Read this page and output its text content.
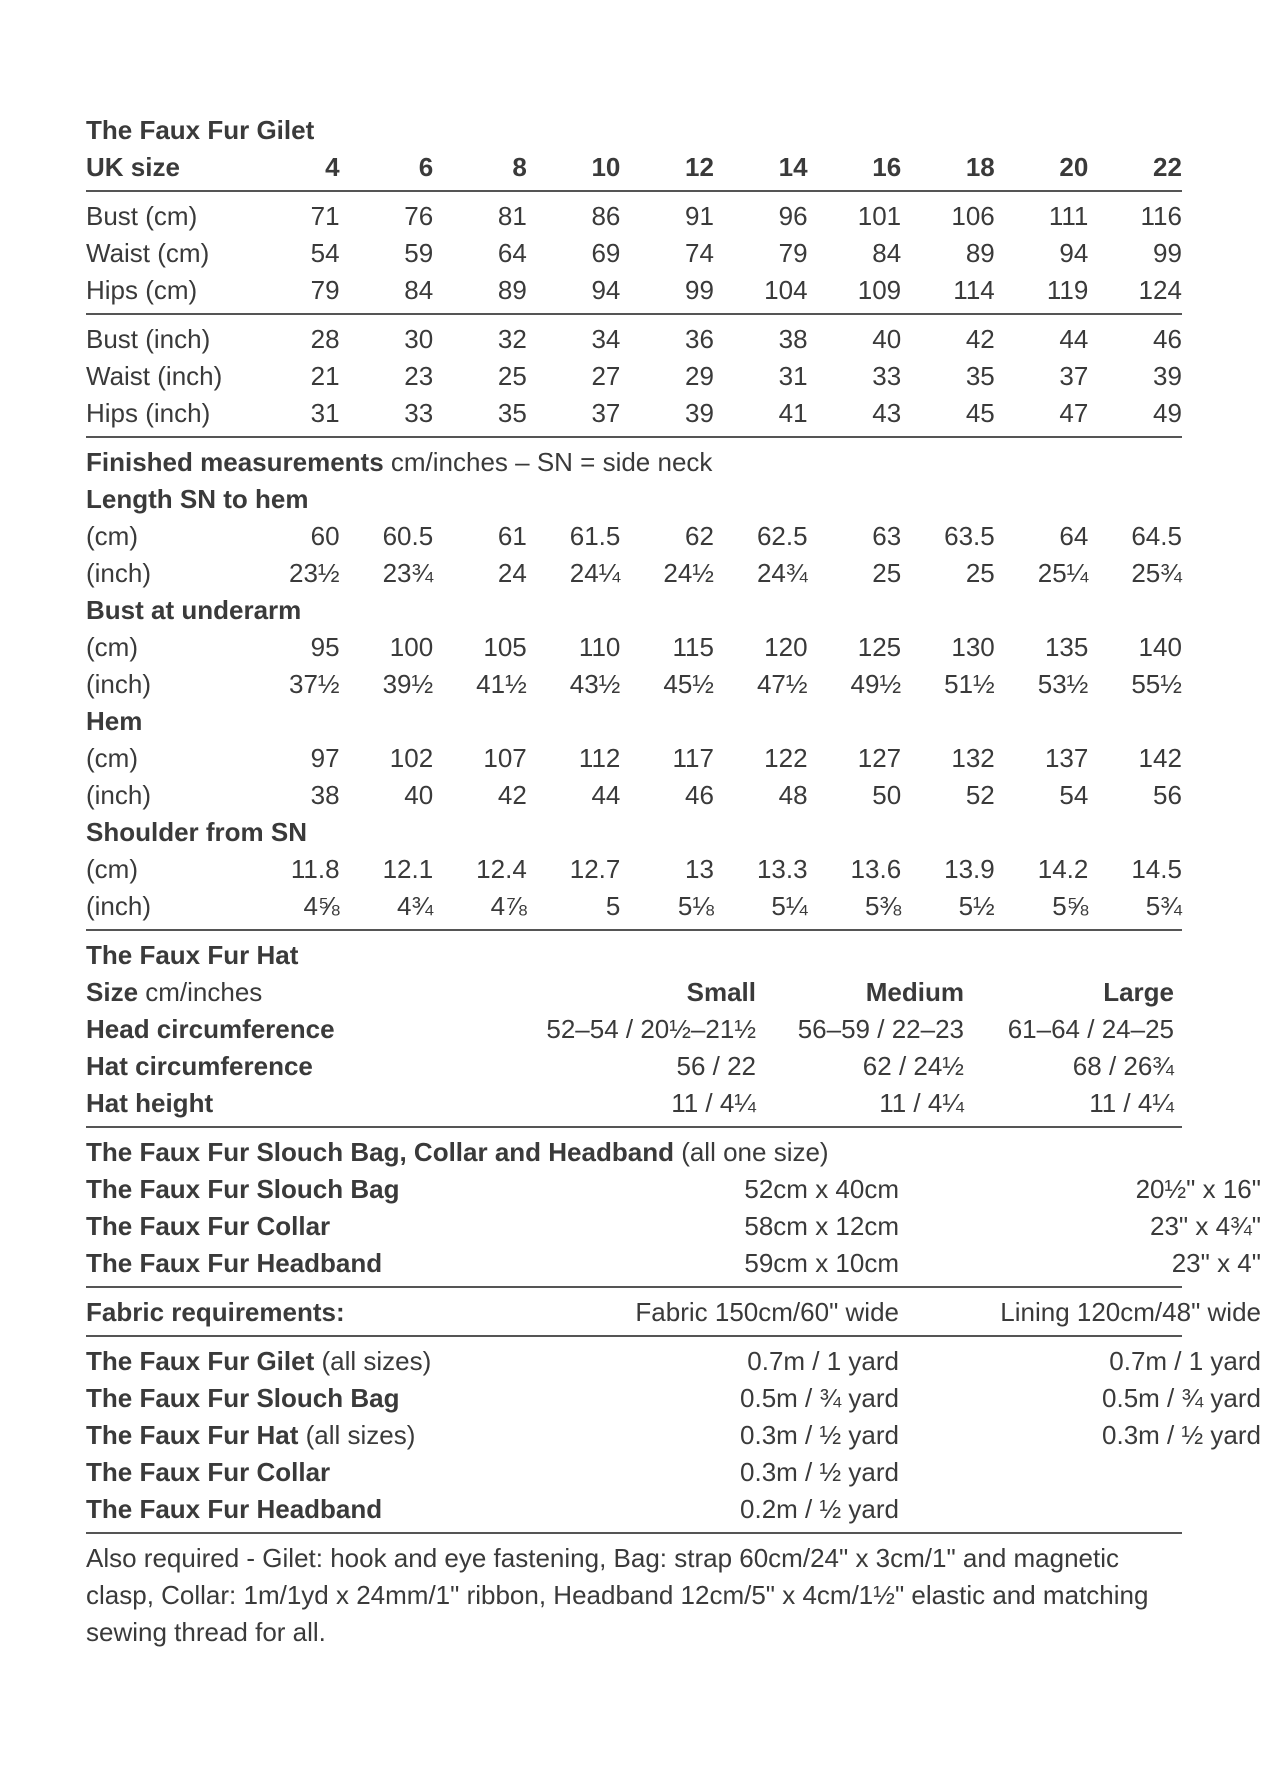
The Faux Fur Gilet
UK size	4	6	8	10	12	14	16	18	20	22
Bust (cm)	71	76	81	86	91	96	101	106	111	116
Waist (cm)	54	59	64	69	74	79	84	89	94	99
Hips (cm)	79	84	89	94	99	104	109	114	119	124
Bust (inch)	28	30	32	34	36	38	40	42	44	46
Waist (inch)	21	23	25	27	29	31	33	35	37	39
Hips (inch)	31	33	35	37	39	41	43	45	47	49
Finished measurements cm/inches – SN = side neck
Length SN to hem
(cm)	60	60.5	61	61.5	62	62.5	63	63.5	64	64.5
(inch)	23½	23¾	24	24¼	24½	24¾	25	25	25¼	25¾
Bust at underarm
(cm)	95	100	105	110	115	120	125	130	135	140
(inch)	37½	39½	41½	43½	45½	47½	49½	51½	53½	55½
Hem
(cm)	97	102	107	112	117	122	127	132	137	142
(inch)	38	40	42	44	46	48	50	52	54	56
Shoulder from SN
(cm)	11.8	12.1	12.4	12.7	13	13.3	13.6	13.9	14.2	14.5
(inch)	4⅝	4¾	4⅞	5	5⅛	5¼	5⅜	5½	5⅝	5¾
The Faux Fur Hat
Size cm/inches	Small	Medium	Large
Head circumference	52–54 / 20½–21½	56–59 / 22–23	61–64 / 24–25
Hat circumference	56 / 22	62 / 24½	68 / 26¾
Hat height	11 / 4¼	11 / 4¼	11 / 4¼
The Faux Fur Slouch Bag, Collar and Headband (all one size)
The Faux Fur Slouch Bag	52cm x 40cm	20½" x 16"
The Faux Fur Collar	58cm x 12cm	23" x 4¾"
The Faux Fur Headband	59cm x 10cm	23" x 4"
Fabric requirements:	Fabric 150cm/60" wide	Lining 120cm/48" wide
The Faux Fur Gilet (all sizes)	0.7m / 1 yard	0.7m / 1 yard
The Faux Fur Slouch Bag	0.5m / ¾ yard	0.5m / ¾ yard
The Faux Fur Hat (all sizes)	0.3m / ½ yard	0.3m / ½ yard
The Faux Fur Collar	0.3m / ½ yard
The Faux Fur Headband	0.2m / ½ yard
Also required - Gilet: hook and eye fastening, Bag: strap 60cm/24" x 3cm/1" and magnetic clasp, Collar: 1m/1yd x 24mm/1" ribbon, Headband 12cm/5" x 4cm/1½" elastic and matching sewing thread for all.
